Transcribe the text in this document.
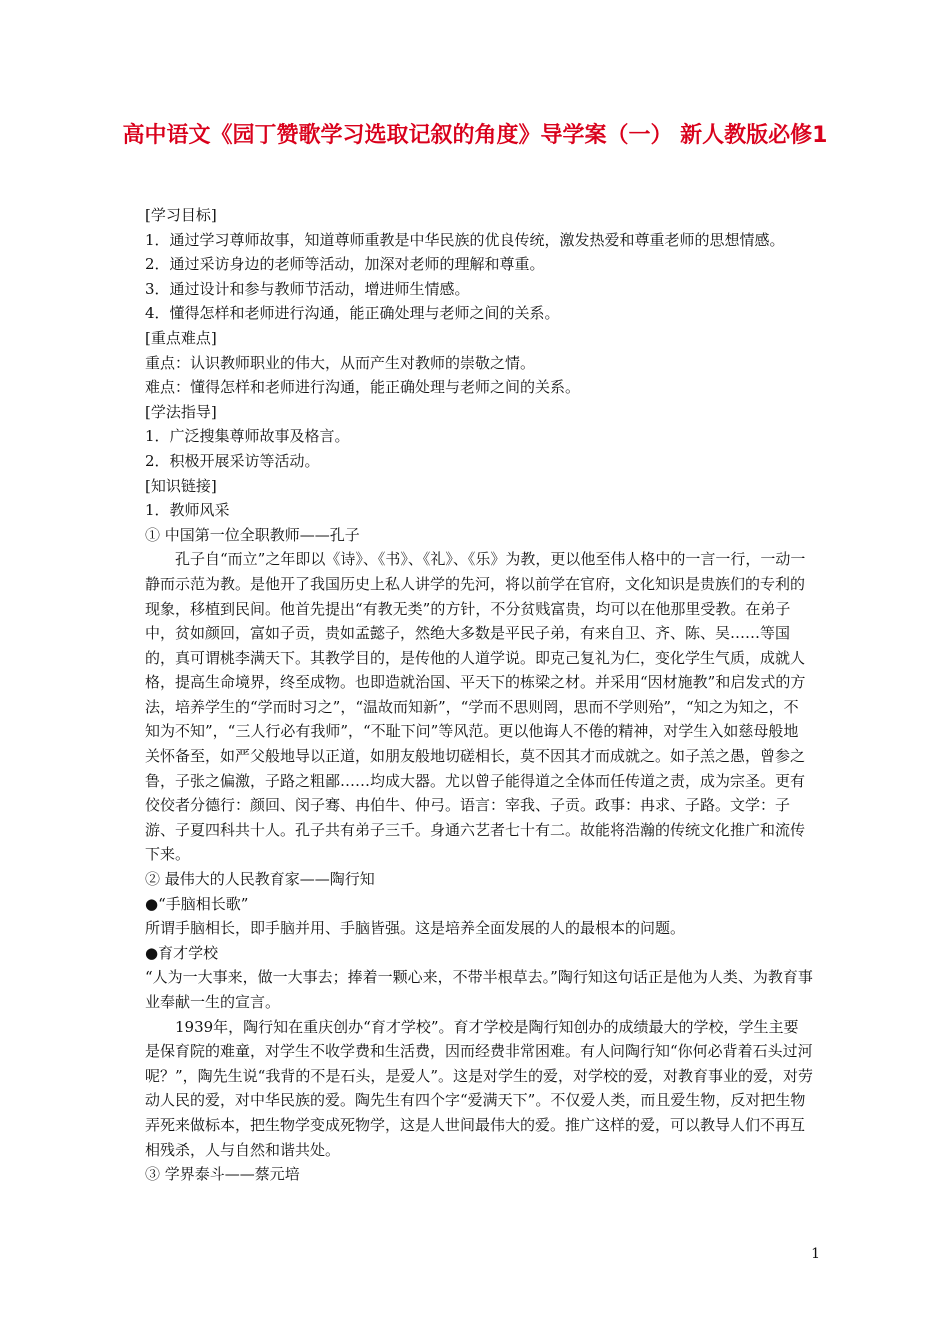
高中语文《园丁赞歌学习选取记叙的角度》导学案（一） 新人教版必修1

[学习目标]

1．通过学习尊师故事，知道尊师重教是中华民族的优良传统，激发热爱和尊重老师的思想情感。

2．通过采访身边的老师等活动，加深对老师的理解和尊重。

3．通过设计和参与教师节活动，增进师生情感。

4．懂得怎样和老师进行沟通，能正确处理与老师之间的关系。

[重点难点]

重点：认识教师职业的伟大，从而产生对教师的崇敬之情。

难点：懂得怎样和老师进行沟通，能正确处理与老师之间的关系。

[学法指导]

1．广泛搜集尊师故事及格言。

2．积极开展采访等活动。

[知识链接]

1．教师风采

① 中国第一位全职教师——孔子

孔子自“而立”之年即以《诗》、《书》、《礼》、《乐》为教，更以他至伟人格中的一言一行，一动一静而示范为教。是他开了我国历史上私人讲学的先河，将以前学在官府，文化知识是贵族们的专利的现象，移植到民间。他首先提出“有教无类”的方针，不分贫贱富贵，均可以在他那里受教。在弟子中，贫如颜回，富如子贡，贵如孟懿子，然绝大多数是平民子弟，有来自卫、齐、陈、吴……等国的，真可谓桃李满天下。其教学目的，是传他的人道学说。即克己复礼为仁，变化学生气质，成就人格，提高生命境界，终至成物。也即造就治国、平天下的栋梁之材。并采用“因材施教”和启发式的方法，培养学生的“学而时习之”，“温故而知新”，“学而不思则罔，思而不学则殆”，“知之为知之，不知为不知”，“三人行必有我师”，“不耻下问”等风范。更以他诲人不倦的精神，对学生入如慈母般地关怀备至，如严父般地导以正道，如朋友般地切磋相长，莫不因其才而成就之。如子羔之愚，曾参之鲁，子张之偏激，子路之粗鄙……均成大器。尤以曾子能得道之全体而任传道之责，成为宗圣。更有佼佼者分德行：颜回、闵子骞、冉伯牛、仲弓。语言：宰我、子贡。政事：冉求、子路。文学：子游、子夏四科共十人。孔子共有弟子三千。身通六艺者七十有二。故能将浩瀚的传统文化推广和流传下来。

② 最伟大的人民教育家——陶行知

●“手脑相长歌”

所谓手脑相长，即手脑并用、手脑皆强。这是培养全面发展的人的最根本的问题。

●育才学校

“人为一大事来，做一大事去；捧着一颗心来，不带半根草去。”陶行知这句话正是他为人类、为教育事业奉献一生的宣言。

1939年，陶行知在重庆创办“育才学校”。育才学校是陶行知创办的成绩最大的学校，学生主要是保育院的难童，对学生不收学费和生活费，因而经费非常困难。有人问陶行知“你何必背着石头过河呢？”，陶先生说“我背的不是石头，是爱人”。这是对学生的爱，对学校的爱，对教育事业的爱，对劳动人民的爱，对中华民族的爱。陶先生有四个字“爱满天下”。不仅爱人类，而且爱生物，反对把生物弄死来做标本，把生物学变成死物学，这是人世间最伟大的爱。推广这样的爱，可以教导人们不再互相残杀，人与自然和谐共处。

③ 学界泰斗——蔡元培

1
